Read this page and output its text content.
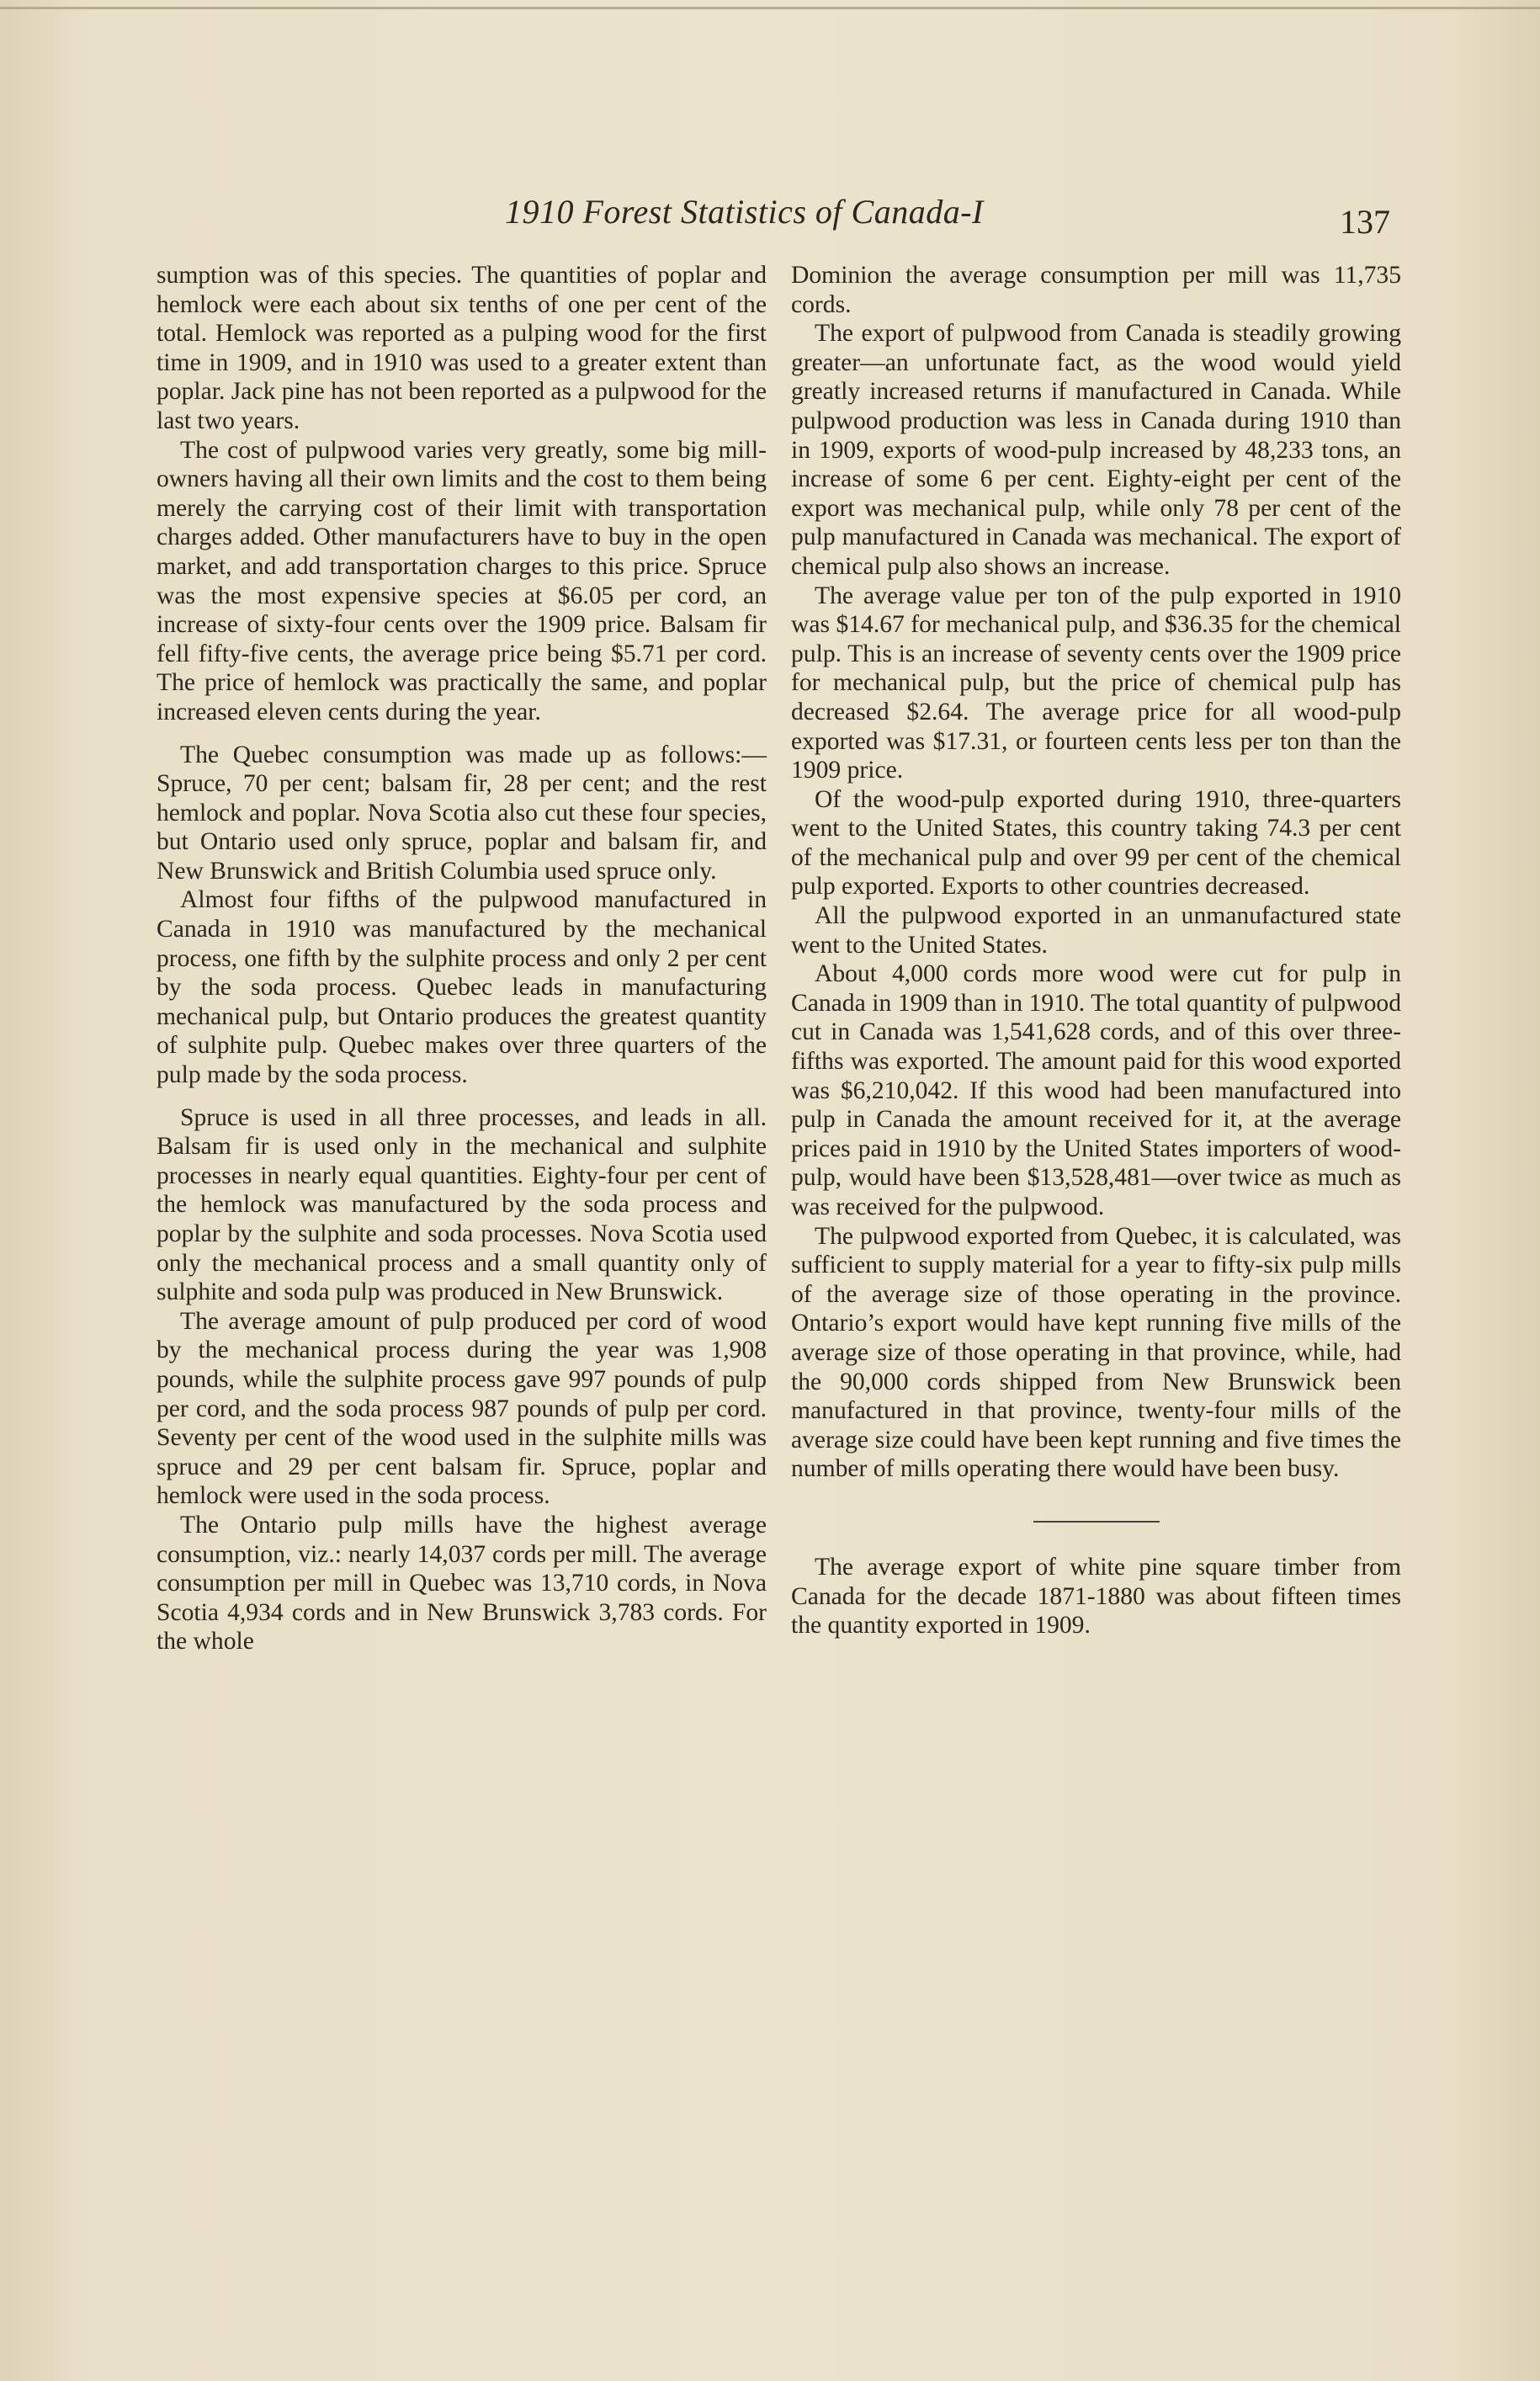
1910 Forest Statistics of Canada-I	137

sumption was of this species. The quantities of poplar and hemlock were each about six tenths of one per cent of the total. Hemlock was reported as a pulping wood for the first time in 1909, and in 1910 was used to a greater extent than poplar. Jack pine has not been reported as a pulpwood for the last two years.

The cost of pulpwood varies very greatly, some big mill-owners having all their own limits and the cost to them being merely the carrying cost of their limit with transportation charges added. Other manufacturers have to buy in the open market, and add transportation charges to this price. Spruce was the most expensive species at $6.05 per cord, an increase of sixty-four cents over the 1909 price. Balsam fir fell fifty-five cents, the average price being $5.71 per cord. The price of hemlock was practically the same, and poplar increased eleven cents during the year.

The Quebec consumption was made up as follows:—Spruce, 70 per cent; balsam fir, 28 per cent; and the rest hemlock and poplar. Nova Scotia also cut these four species, but Ontario used only spruce, poplar and balsam fir, and New Brunswick and British Columbia used spruce only.

Almost four fifths of the pulpwood manufactured in Canada in 1910 was manufactured by the mechanical process, one fifth by the sulphite process and only 2 per cent by the soda process. Quebec leads in manufacturing mechanical pulp, but Ontario produces the greatest quantity of sulphite pulp. Quebec makes over three quarters of the pulp made by the soda process.

Spruce is used in all three processes, and leads in all. Balsam fir is used only in the mechanical and sulphite processes in nearly equal quantities. Eighty-four per cent of the hemlock was manufactured by the soda process and poplar by the sulphite and soda processes. Nova Scotia used only the mechanical process and a small quantity only of sulphite and soda pulp was produced in New Brunswick.

The average amount of pulp produced per cord of wood by the mechanical process during the year was 1,908 pounds, while the sulphite process gave 997 pounds of pulp per cord, and the soda process 987 pounds of pulp per cord. Seventy per cent of the wood used in the sulphite mills was spruce and 29 per cent balsam fir. Spruce, poplar and hemlock were used in the soda process.

The Ontario pulp mills have the highest average consumption, viz.: nearly 14,037 cords per mill. The average consumption per mill in Quebec was 13,710 cords, in Nova Scotia 4,934 cords and in New Brunswick 3,783 cords. For the whole

Dominion the average consumption per mill was 11,735 cords.

The export of pulpwood from Canada is steadily growing greater—an unfortunate fact, as the wood would yield greatly increased returns if manufactured in Canada. While pulpwood production was less in Canada during 1910 than in 1909, exports of wood-pulp increased by 48,233 tons, an increase of some 6 per cent. Eighty-eight per cent of the export was mechanical pulp, while only 78 per cent of the pulp manufactured in Canada was mechanical. The export of chemical pulp also shows an increase.

The average value per ton of the pulp exported in 1910 was $14.67 for mechanical pulp, and $36.35 for the chemical pulp. This is an increase of seventy cents over the 1909 price for mechanical pulp, but the price of chemical pulp has decreased $2.64. The average price for all wood-pulp exported was $17.31, or fourteen cents less per ton than the 1909 price.

Of the wood-pulp exported during 1910, three-quarters went to the United States, this country taking 74.3 per cent of the mechanical pulp and over 99 per cent of the chemical pulp exported. Exports to other countries decreased.

All the pulpwood exported in an unmanufactured state went to the United States.

About 4,000 cords more wood were cut for pulp in Canada in 1909 than in 1910. The total quantity of pulpwood cut in Canada was 1,541,628 cords, and of this over three-fifths was exported. The amount paid for this wood exported was $6,210,042. If this wood had been manufactured into pulp in Canada the amount received for it, at the average prices paid in 1910 by the United States importers of wood-pulp, would have been $13,528,481—over twice as much as was received for the pulpwood.

The pulpwood exported from Quebec, it is calculated, was sufficient to supply material for a year to fifty-six pulp mills of the average size of those operating in the province. Ontario’s export would have kept running five mills of the average size of those operating in that province, while, had the 90,000 cords shipped from New Brunswick been manufactured in that province, twenty-four mills of the average size could have been kept running and five times the number of mills operating there would have been busy.

The average export of white pine square timber from Canada for the decade 1871-1880 was about fifteen times the quantity exported in 1909.
